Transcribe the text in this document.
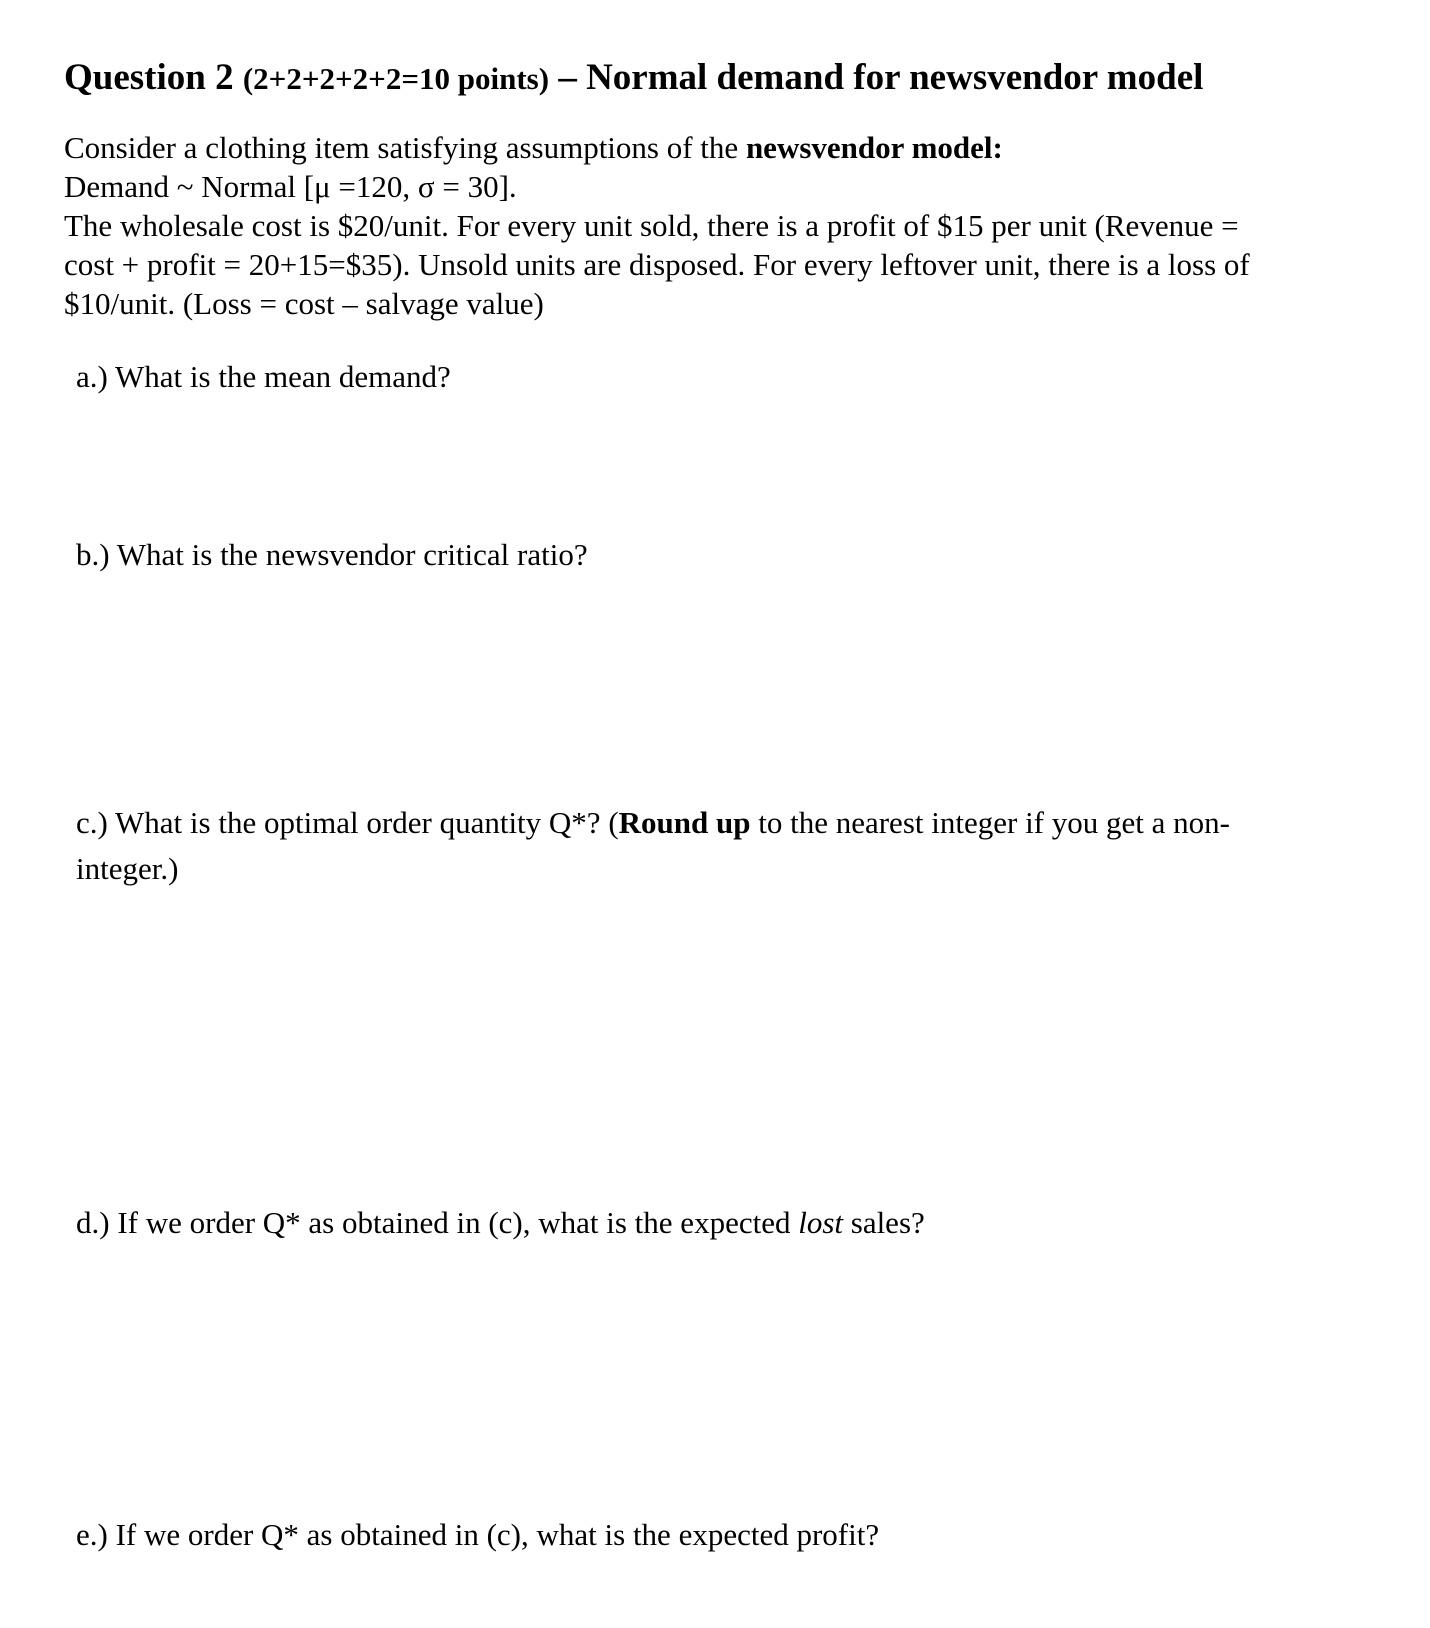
Question 2 (2+2+2+2+2=10 points) – Normal demand for newsvendor model
Consider a clothing item satisfying assumptions of the newsvendor model:
Demand ~ Normal [μ =120, σ = 30].
The wholesale cost is $20/unit. For every unit sold, there is a profit of $15 per unit (Revenue =
cost + profit = 20+15=$35). Unsold units are disposed. For every leftover unit, there is a loss of
$10/unit. (Loss = cost – salvage value)
a.) What is the mean demand?
b.) What is the newsvendor critical ratio?
c.) What is the optimal order quantity Q*? (Round up to the nearest integer if you get a non-
integer.)
d.) If we order Q* as obtained in (c), what is the expected lost sales?
e.) If we order Q* as obtained in (c), what is the expected profit?
